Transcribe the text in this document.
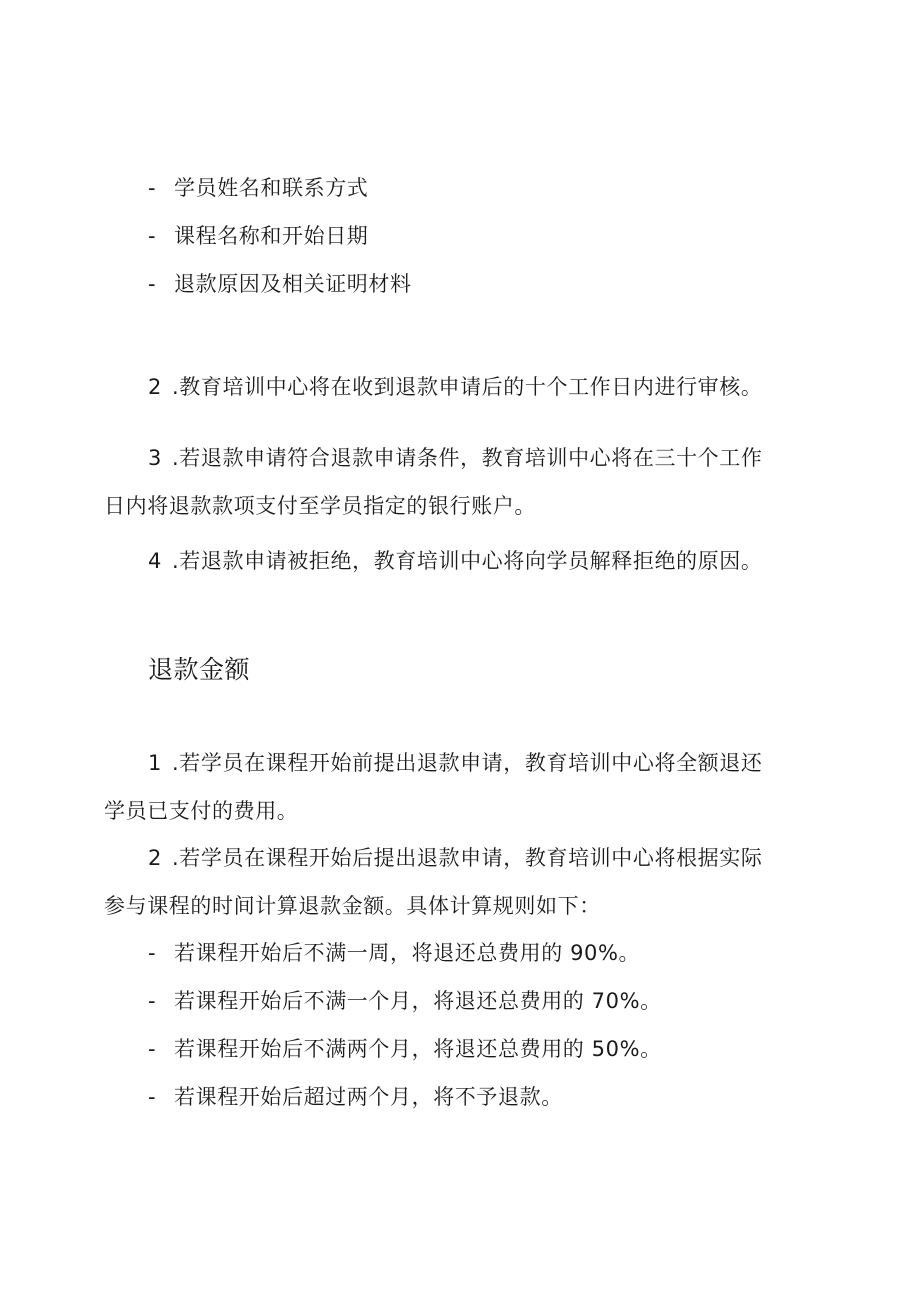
- 学员姓名和联系方式
- 课程名称和开始日期
- 退款原因及相关证明材料
2 .教育培训中心将在收到退款申请后的十个工作日内进行审核。
3 .若退款申请符合退款申请条件，教育培训中心将在三十个工作
日内将退款款项支付至学员指定的银行账户。
4 .若退款申请被拒绝，教育培训中心将向学员解释拒绝的原因。
退款金额
1 .若学员在课程开始前提出退款申请，教育培训中心将全额退还
学员已支付的费用。
2 .若学员在课程开始后提出退款申请，教育培训中心将根据实际
参与课程的时间计算退款金额。具体计算规则如下：
- 若课程开始后不满一周，将退还总费用的 90%。
- 若课程开始后不满一个月，将退还总费用的 70%。
- 若课程开始后不满两个月，将退还总费用的 50%。
- 若课程开始后超过两个月，将不予退款。
